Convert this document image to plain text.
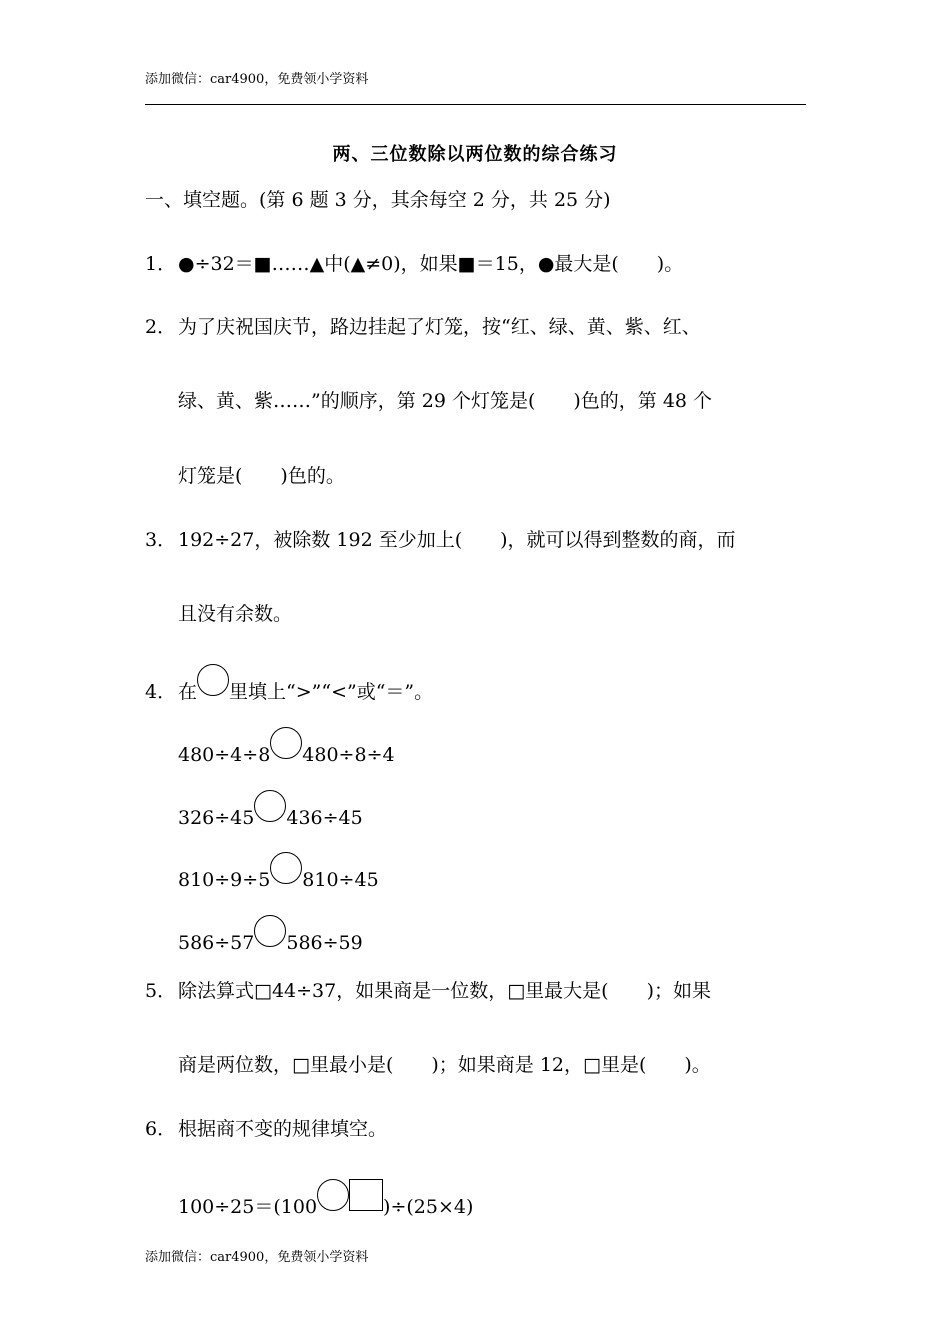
添加微信：car4900，免费领小学资料
两、三位数除以两位数的综合练习
一、填空题。(第 6 题 3 分，其余每空 2 分，共 25 分)
1． ●÷32＝■……▲中(▲≠0)，如果■＝15，●最大是(　　)。
2． 为了庆祝国庆节，路边挂起了灯笼，按“红、绿、黄、紫、红、
绿、黄、紫……”的顺序，第 29 个灯笼是(　　)色的，第 48 个
灯笼是(　　)色的。
3． 192÷27，被除数 192 至少加上(　　)，就可以得到整数的商，而
且没有余数。
4． 在 里填上“>”“<”或“＝”。
480÷4÷8 480÷8÷4
326÷45 436÷45
810÷9÷5 810÷45
586÷57 586÷59
5． 除法算式□44÷37，如果商是一位数，□里最大是(　　)；如果
商是两位数，□里最小是(　　)；如果商是 12，□里是(　　)。
6． 根据商不变的规律填空。
100÷25＝(100	)÷(25×4)
添加微信：car4900，免费领小学资料
